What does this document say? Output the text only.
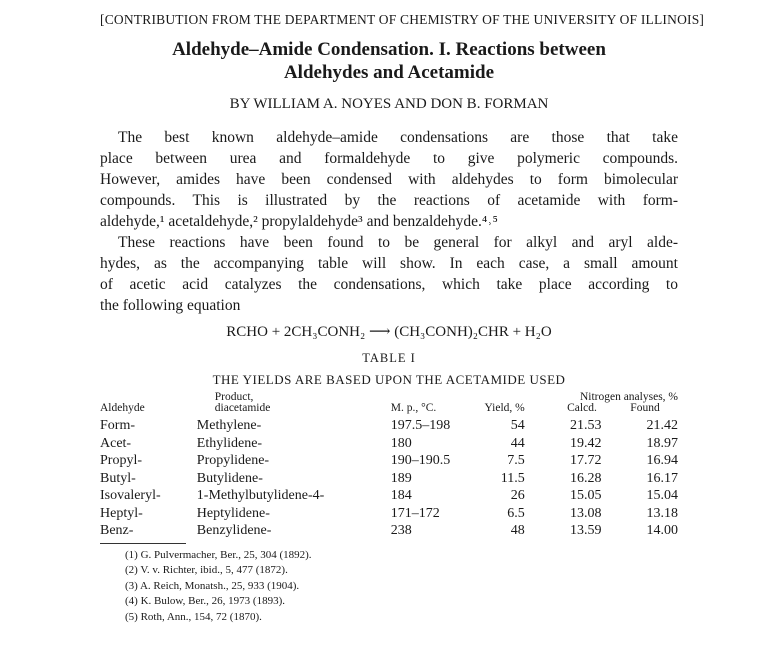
[CONTRIBUTION FROM THE DEPARTMENT OF CHEMISTRY OF THE UNIVERSITY OF ILLINOIS]
Aldehyde–Amide Condensation. I. Reactions between
Aldehydes and Acetamide
BY WILLIAM A. NOYES AND DON B. FORMAN
The best known aldehyde–amide condensations are those that take
place between urea and formaldehyde to give polymeric compounds.
However, amides have been condensed with aldehydes to form bimolecular
compounds. This is illustrated by the reactions of acetamide with form-
aldehyde,¹ acetaldehyde,² propylaldehyde³ and benzaldehyde.⁴˒⁵
These reactions have been found to be general for alkyl and aryl alde-
hydes, as the accompanying table will show. In each case, a small amount
of acetic acid catalyzes the condensations, which take place according to
the following equation
RCHO + 2CH₃CONH₂ ⟶ (CH₃CONH)₂CHR + H₂O
TABLE I
THE YIELDS ARE BASED UPON THE ACETAMIDE USED
Aldehyde	Product,
diacetamide	M. p., °C.	Yield, %	Nitrogen analyses, %
Calcd. Found	
Form-	Methylene-	197.5–198	54	21.53	21.42
Acet-	Ethylidene-	180	44	19.42	18.97
Propyl-	Propylidene-	190–190.5	7.5	17.72	16.94
Butyl-	Butylidene-	189	11.5	16.28	16.17
Isovaleryl-	1-Methylbutylidene-4-	184	26	15.05	15.04
Heptyl-	Heptylidene-	171–172	6.5	13.08	13.18
Benz-	Benzylidene-	238	48	13.59	14.00
(1) G. Pulvermacher, Ber., 25, 304 (1892).
(2) V. v. Richter, ibid., 5, 477 (1872).
(3) A. Reich, Monatsh., 25, 933 (1904).
(4) K. Bulow, Ber., 26, 1973 (1893).
(5) Roth, Ann., 154, 72 (1870).
